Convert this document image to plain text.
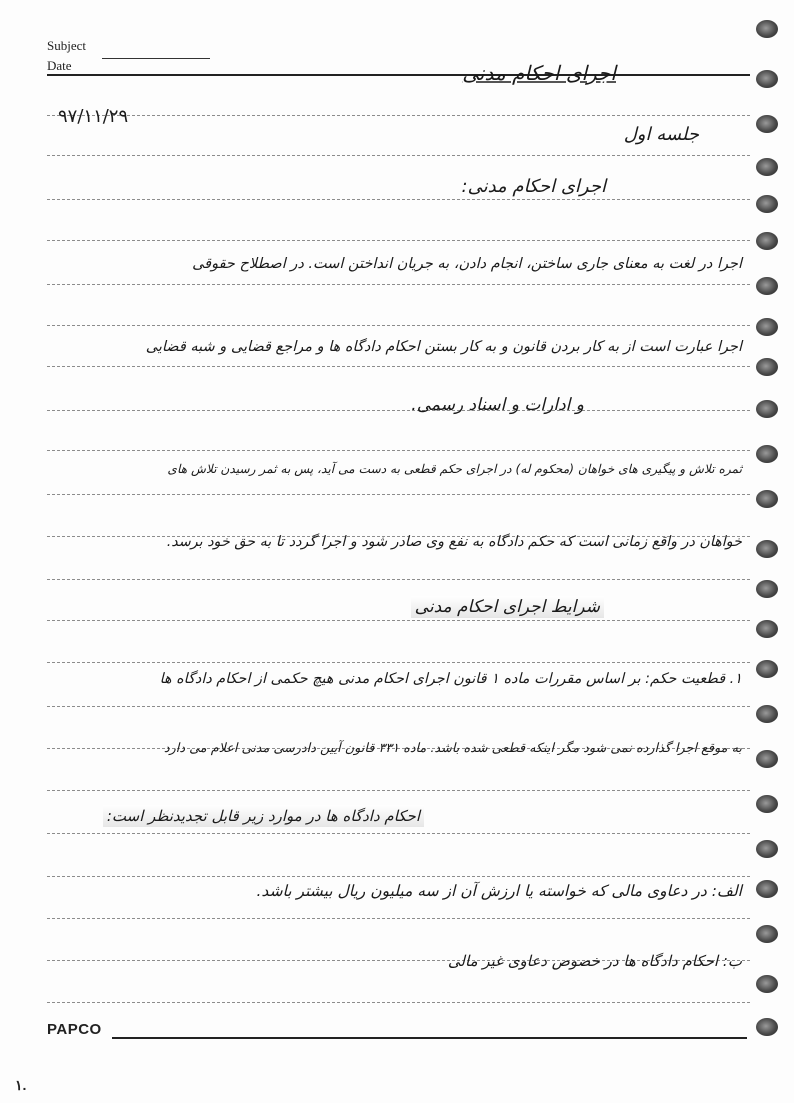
Subject
Date	اجرای احکام مدنی
۹۷/۱۱/۲۹
جلسه اول
اجرای احکام مدنی:
اجرا در لغت به معنای جاری ساختن، انجام دادن، به جریان انداختن است. در اصطلاح حقوقی
اجرا عبارت است از به کار بردن قانون و به کار بستن احکام دادگاه ها و مراجع قضایی و شبه قضایی
و ادارات و اسناد رسمی.
ثمره تلاش و پیگیری های خواهان (محکوم له) در اجرای حکم قطعی به دست می آید، پس به ثمر رسیدن تلاش های
خواهان در واقع زمانی است که حکم دادگاه به نفع وی صادر شود و اجرا گردد تا به حق خود برسد.
شرایط اجرای احکام مدنی
۱. قطعیت حکم: بر اساس مقررات ماده ۱ قانون اجرای احکام مدنی هیچ حکمی از احکام دادگاه ها
به موقع اجرا گذارده نمی شود مگر اینکه قطعی شده باشد. ماده ۳۳۱ قانون آیین دادرسی مدنی اعلام می دارد
احکام دادگاه ها در موارد زیر قابل تجدیدنظر است:
الف: در دعاوی مالی که خواسته یا ارزش آن از سه میلیون ریال بیشتر باشد.
ب: احکام دادگاه ها در خصوص دعاوی غیر مالی
PAPCO
۱.
